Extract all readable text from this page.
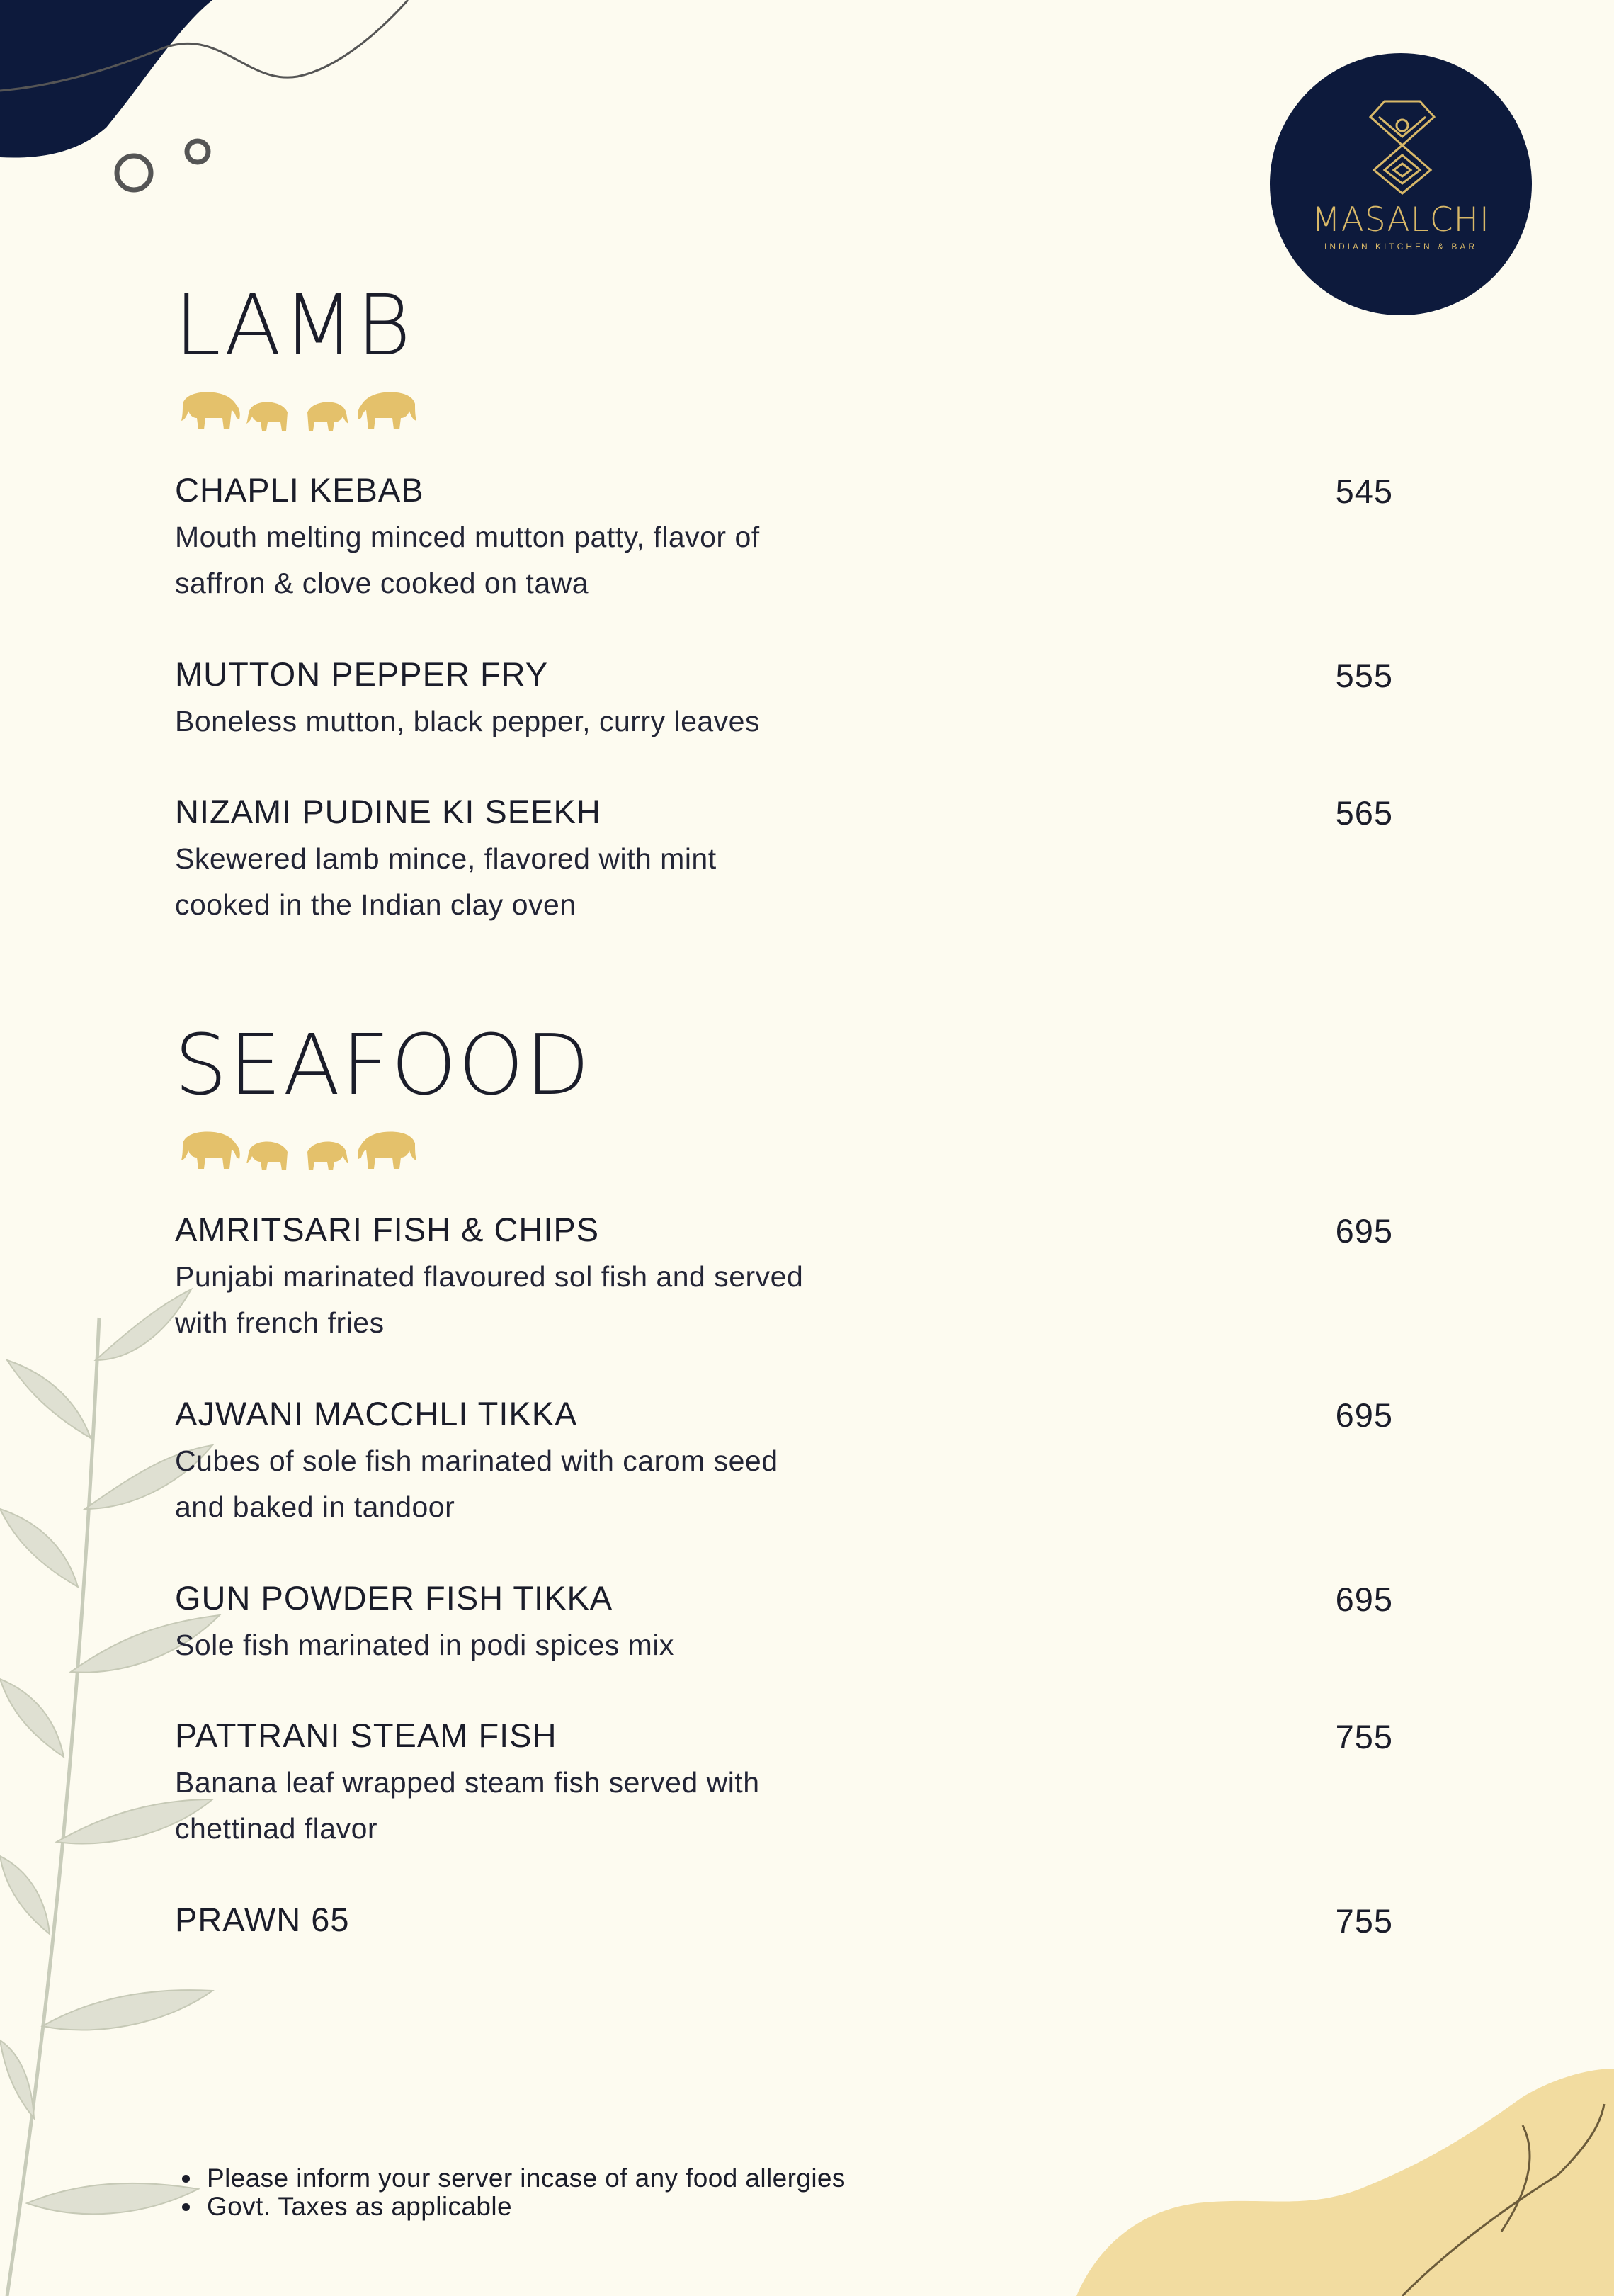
MASALCHI
INDIAN KITCHEN & BAR
LAMB
CHAPLI KEBAB	545
Mouth melting minced mutton patty, flavor of
saffron & clove cooked on tawa
MUTTON PEPPER FRY	555
Boneless mutton, black pepper, curry leaves
NIZAMI PUDINE KI SEEKH	565
Skewered lamb mince, flavored with mint
cooked in the Indian clay oven
SEAFOOD
AMRITSARI FISH & CHIPS	695
Punjabi marinated flavoured sol fish and served
with french fries
AJWANI MACCHLI TIKKA	695
Cubes of sole fish marinated with carom seed
and baked in tandoor
GUN POWDER FISH TIKKA	695
Sole fish marinated in podi spices mix
PATTRANI STEAM FISH	755
Banana leaf wrapped steam fish served with
chettinad flavor
PRAWN 65	755
• Please inform your server incase of any food allergies
• Govt. Taxes as applicable
